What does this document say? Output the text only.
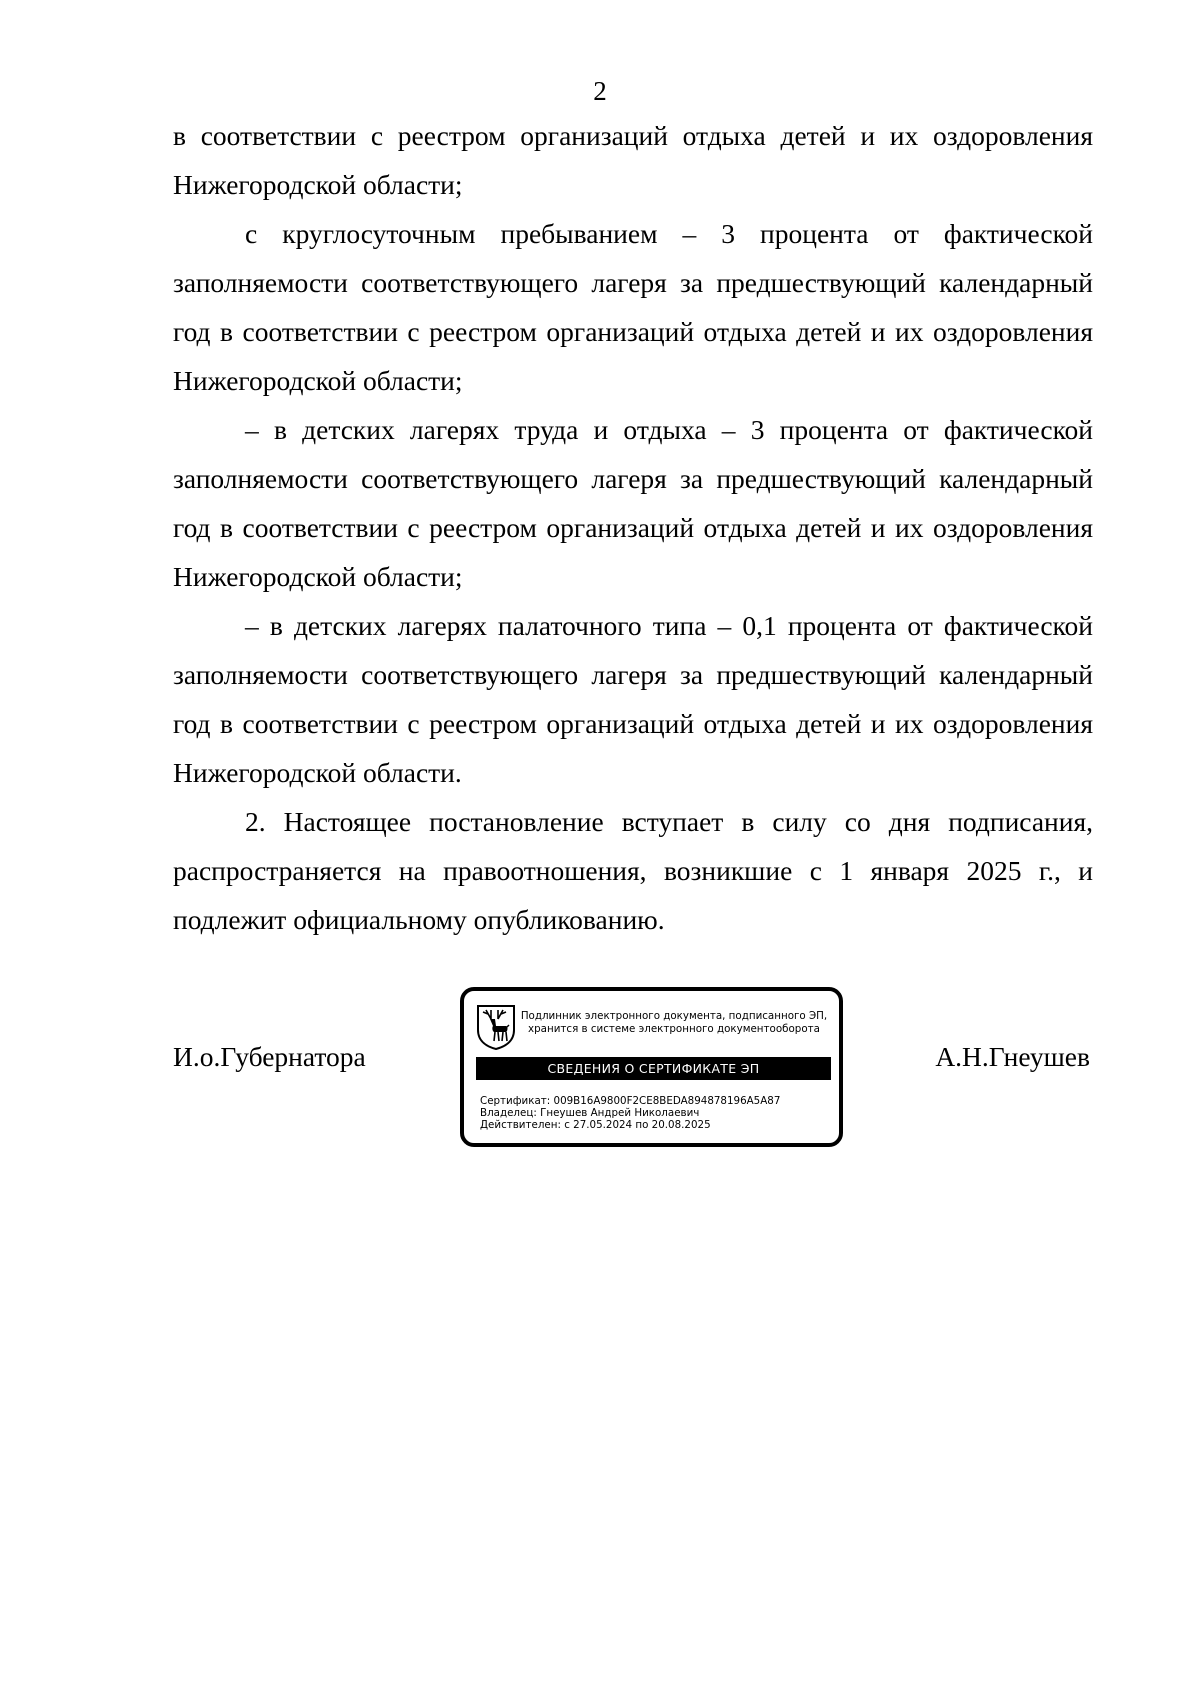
2

в соответствии с реестром организаций отдыха детей и их оздоровления Нижегородской области;

с круглосуточным пребыванием – 3 процента от фактической заполняемости соответствующего лагеря за предшествующий календарный год в соответствии с реестром организаций отдыха детей и их оздоровления Нижегородской области;

– в детских лагерях труда и отдыха – 3 процента от фактической заполняемости соответствующего лагеря за предшествующий календарный год в соответствии с реестром организаций отдыха детей и их оздоровления Нижегородской области;

– в детских лагерях палаточного типа – 0,1 процента от фактической заполняемости соответствующего лагеря за предшествующий календарный год в соответствии с реестром организаций отдыха детей и их оздоровления Нижегородской области.

2. Настоящее постановление вступает в силу со дня подписания, распространяется на правоотношения, возникшие с 1 января 2025 г., и подлежит официальному опубликованию.

И.о.Губернатора	А.Н.Гнеушев
Подлинник электронного документа, подписанного ЭП,
хранится в системе электронного документооборота
СВЕДЕНИЯ О СЕРТИФИКАТЕ ЭП
Сертификат: 009B16A9800F2CE8BEDA894878196A5A87
Владелец: Гнеушев Андрей Николаевич
Действителен: с 27.05.2024 по 20.08.2025
